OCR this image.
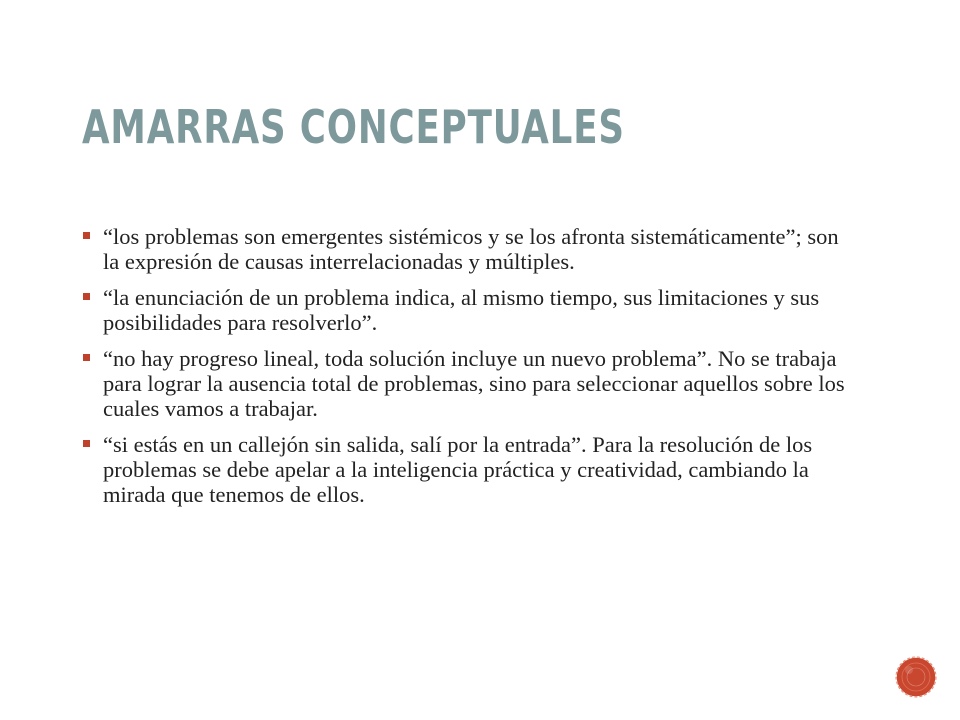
AMARRAS CONCEPTUALES
“los problemas son emergentes sistémicos y se los afronta sistemáticamente”; son la expresión de causas interrelacionadas y múltiples.
“la enunciación de un problema indica, al mismo tiempo, sus limitaciones y sus posibilidades para resolverlo”.
“no hay progreso lineal, toda solución incluye un nuevo problema”. No se trabaja para lograr la ausencia total de problemas, sino para seleccionar aquellos sobre los cuales vamos a trabajar.
“si estás en un callejón sin salida, salí por la entrada”. Para la resolución de los problemas se debe apelar a la inteligencia práctica y creatividad, cambiando la mirada que tenemos de ellos.
